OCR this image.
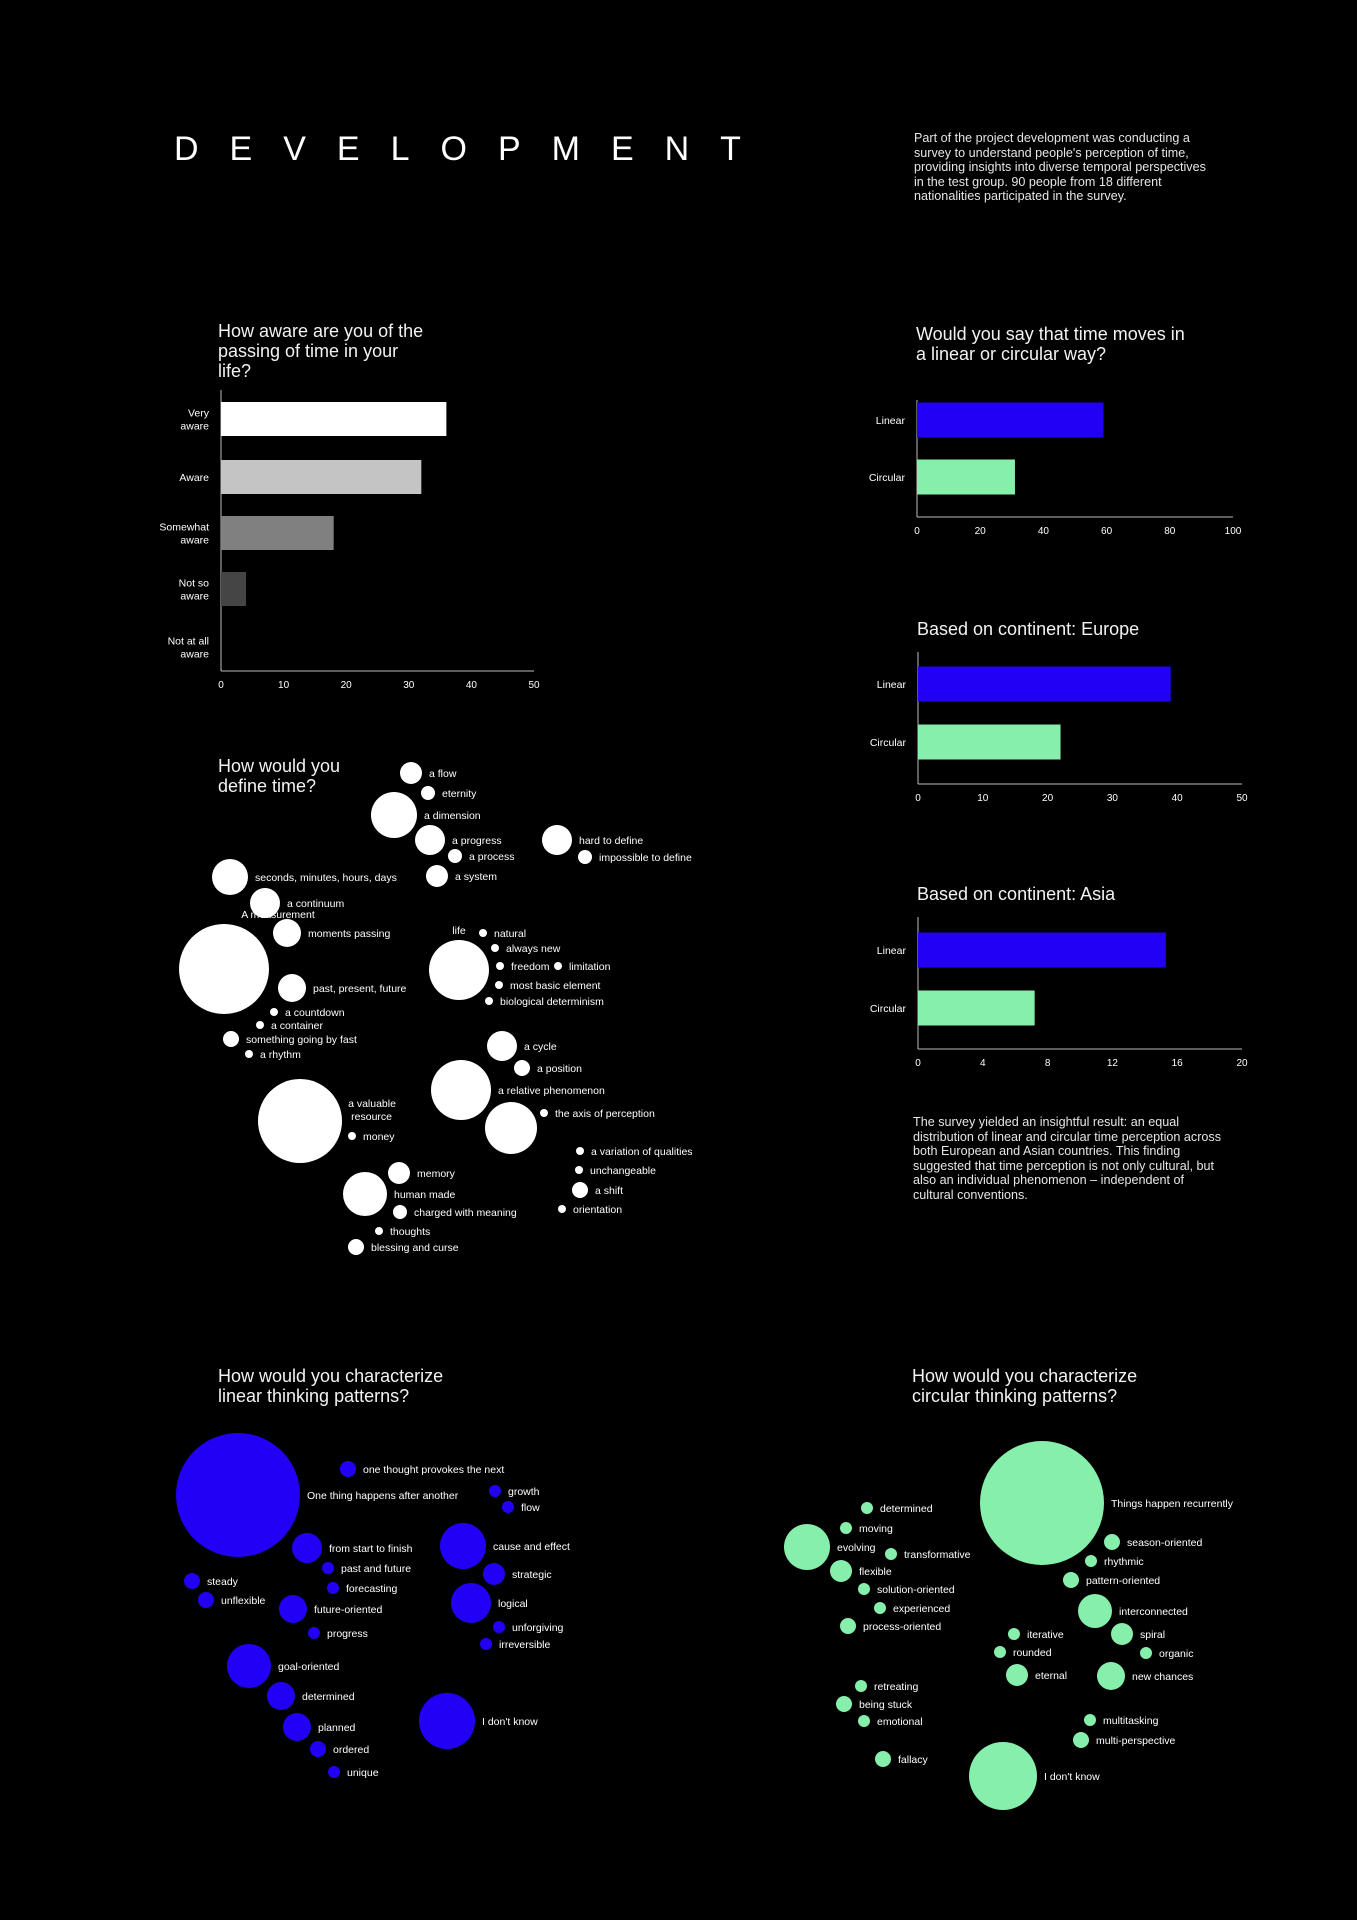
DEVELOPMENT	Part of the project development was conducting a survey to understand people's perception of time, providing insights into diverse temporal perspectives in the test group. 90 people from 18 different nationalities participated in the survey.
The survey yielded an insightful result: an equal distribution of linear and circular time perception across both European and Asian countries. This finding suggested that time perception is not only cultural, but also an individual phenomenon – independent of cultural conventions.
How aware are you of the passing of time in your life?
0	10	20	30	40	50
Very aware
Aware
Somewhat aware
Not so aware
Not at all aware
Would you say that time moves in a linear or circular way?
0	20	40	60	80	100
Linear
Circular
Based on continent: Europe
0	10	20	30	40	50
Linear
Circular
Based on continent: Asia
0	4	8	12	16	20
Linear
Circular
How would you define time?
a flow
eternity
a dimension
a progress
a process
a system
hard to define
impossible to define
seconds, minutes, hours, days
a continuum
moments passing
A measurement
past, present, future
a countdown
a container
something going by fast
a rhythm
life	natural
always new
freedom limitation
most basic element
biological determinism
a cycle
a position
a relative phenomenon
the axis of perception
change
a variation of qualities
unchangeable
a shift
orientation
a valuable resource
money
memory
human made
charged with meaning
thoughts
blessing and curse
How would you characterize linear thinking patterns?
one thought provokes the next
One thing happens after another	growth
flow
from start to finish
past and future
forecasting
cause and effect
strategic
steady
unflexible
future-oriented
progress
logical
unforgiving
irreversible
goal-oriented
determined
planned
ordered
unique
I don't know
How would you characterize circular thinking patterns?
determined
moving
evolving
transformative
flexible
solution-oriented
experienced
process-oriented
Things happen recurrently
season-oriented
rhythmic
pattern-oriented
interconnected
spiral
iterative
rounded	organic
eternal	new chances
retreating
being stuck
emotional	multitasking
multi-perspective
fallacy
I don't know
